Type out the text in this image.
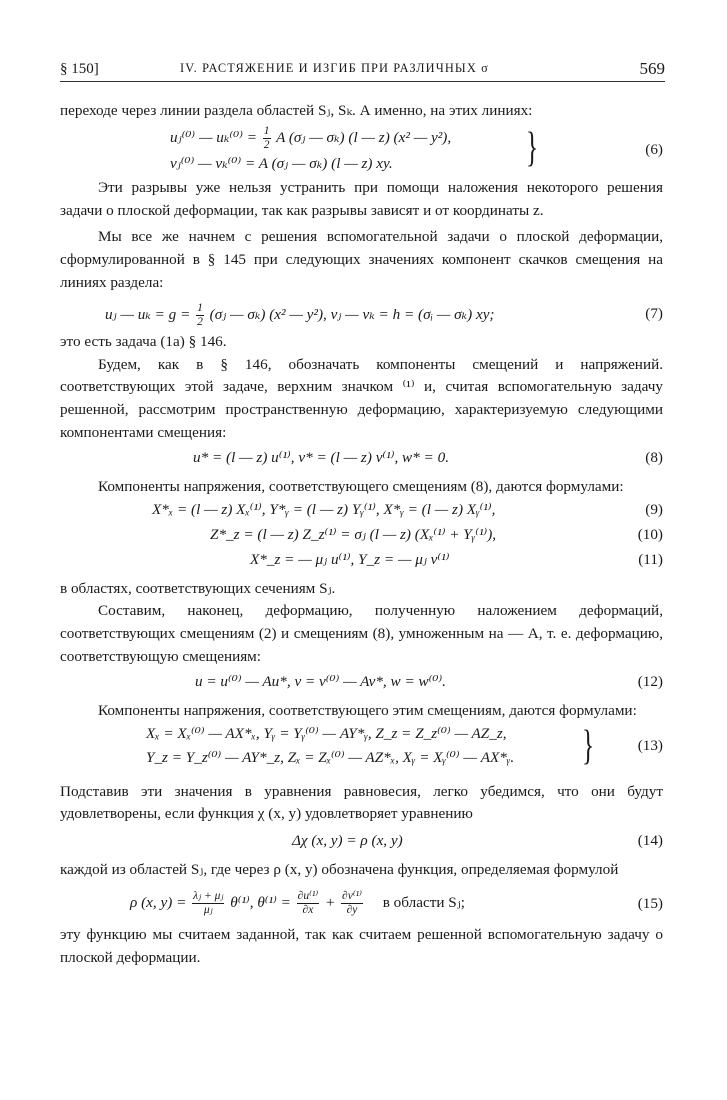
§ 150]	IV. РАСТЯЖЕНИЕ И ИЗГИБ ПРИ РАЗЛИЧНЫХ σ	569

переходе через линии раздела областей Sⱼ, Sₖ. А именно, на этих линиях:

uⱼ⁽⁰⁾ — $u_k^{(0)} = \frac{1}{2}$ A (σⱼ — σₖ) (l — z) (x² — y²),
vⱼ⁽⁰⁾ — vₖ⁽⁰⁾ = A (σⱼ — σₖ) (l — z) xy.	}	(6)

Эти разрывы уже нельзя устранить при помощи наложения некоторого решения задачи о плоской деформации, так как разрывы зависят и от координаты z.

Мы все же начнем с решения вспомогательной задачи о плоской деформации, сформулированной в § 145 при следующих значениях компонент скачков смещения на линиях раздела:

uⱼ — $u_k = g = \frac{1}{2}$ (σⱼ — σₖ) (x² — y²), vⱼ — vₖ = h = (σᵢ — σₖ) xy;	(7)

это есть задача (1a) § 146.

Будем, как в § 146, обозначать компоненты смещений и напряжений. соответствующих этой задаче, верхним значком ⁽¹⁾ и, считая вспомогательную задачу решенной, рассмотрим пространственную деформацию, характеризуемую следующими компонентами смещения:

u* = (l — z) u⁽¹⁾, v* = (l — z) v⁽¹⁾, w* = 0.	(8)

Компоненты напряжения, соответствующего смещениям (8), даются формулами:

X*ₓ = (l — z) Xₓ⁽¹⁾, Y*ᵧ = (l — z) Yᵧ⁽¹⁾, X*ᵧ = (l — z) Xᵧ⁽¹⁾,	(9)
Z*_z = (l — z) Z_z⁽¹⁾ = σⱼ (l — z) (Xₓ⁽¹⁾ + Yᵧ⁽¹⁾),	(10)
X*_z = — μⱼ u⁽¹⁾, Y_z = — μⱼ v⁽¹⁾	(11)

в областях, соответствующих сечениям Sⱼ.

Составим, наконец, деформацию, полученную наложением деформаций, соответствующих смещениям (2) и смещениям (8), умноженным на — A, т. е. деформацию, соответствующую смещениям:

u = u⁽⁰⁾ — Au*, v = v⁽⁰⁾ — Av*, w = w⁽⁰⁾.	(12)

Компоненты напряжения, соответствующего этим смещениям, даются формулами:

Xₓ = Xₓ⁽⁰⁾ — AX*ₓ, Yᵧ = Yᵧ⁽⁰⁾ — AY*ᵧ, Z_z = Z_z⁽⁰⁾ — AZ_z,
Y_z = Y_z⁽⁰⁾ — AY*_z, Zₓ = Zₓ⁽⁰⁾ — AZ*ₓ, Xᵧ = Xᵧ⁽⁰⁾ — AX*ᵧ. }	(13)

Подставив эти значения в уравнения равновесия, легко убедимся, что они будут удовлетворены, если функция χ (x, y) удовлетворяет уравнению

Δχ (x, y) = ρ (x, y)	(14)

каждой из областей Sⱼ, где через ρ (x, y) обозначена функция, определяемая формулой

ρ (x, $y) = \frac{\text{λⱼ + μⱼ}}{\text{μⱼ}} \theta^{(1)}$, $\theta^{(1)} = \frac{\text{∂u⁽¹⁾}}{\partial x} + \frac{\text{∂v⁽¹⁾}}{\partial y}$ в области Sⱼ;	(15)

эту функцию мы считаем заданной, так как считаем решенной вспомогательную задачу о плоской деформации.
